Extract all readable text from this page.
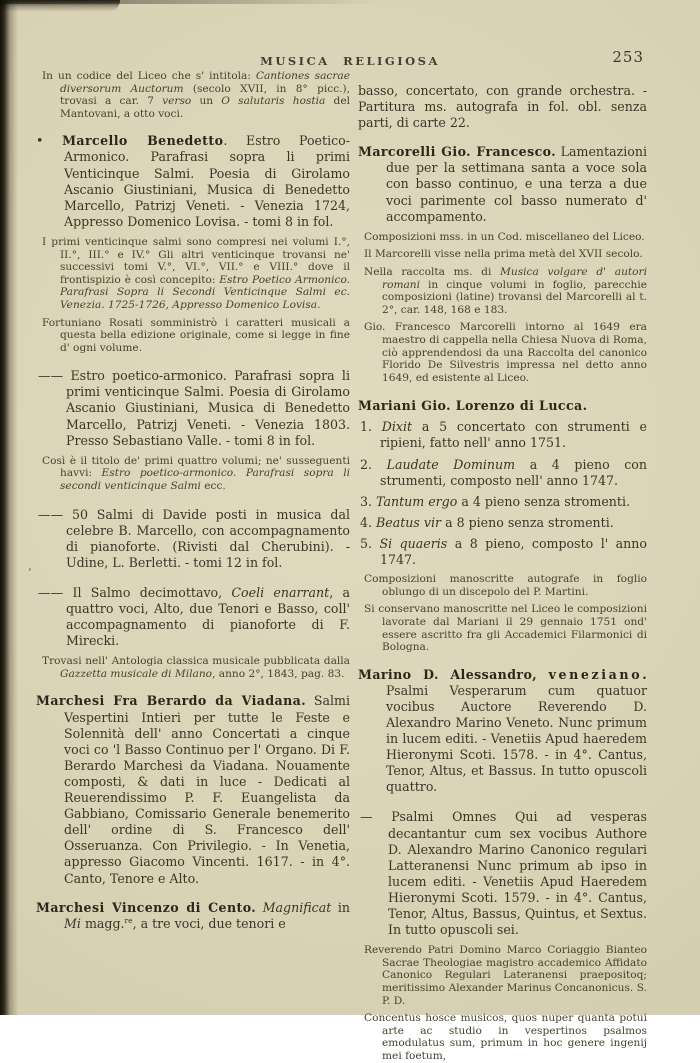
'
MUSICA RELIGIOSA	253
In un codice del Liceo che s' intitola: Cantiones sacrae diversorum Auctorum (secolo XVII, in 8° picc.), trovasi a car. 7 verso un O salutaris hostia del Mantovani, a otto voci.
• Marcello Benedetto. Estro Poetico-Armonico. Parafrasi sopra li primi Venticinque Salmi. Poesia di Girolamo Ascanio Giustiniani, Musica di Benedetto Marcello, Patrizj Veneti. - Venezia 1724, Appresso Domenico Lovisa. - tomi 8 in fol.
I primi venticinque salmi sono compresi nei volumi I.°, II.°, III.° e IV.° Gli altri venticinque trovansi ne' successivi tomi V.°, VI.°, VII.° e VIII.° dove il frontispizio è così concepito: Estro Poetico Armonico. Parafrasi Sopra li Secondi Venticinque Salmi ec. Venezia. 1725-1726, Appresso Domenico Lovisa.
Fortuniano Rosati somministrò i caratteri musicali a questa bella edizione originale, come si legge in fine d' ogni volume.
—— Estro poetico-armonico. Parafrasi sopra li primi venticinque Salmi. Poesia di Girolamo Ascanio Giustiniani, Musica di Benedetto Marcello, Patrizj Veneti. - Venezia 1803. Presso Sebastiano Valle. - tomi 8 in fol.
Così è il titolo de' primi quattro volumi; ne' susseguenti havvi: Estro poetico-armonico. Parafrasi sopra li secondi venticinque Salmi ecc.
—— 50 Salmi di Davide posti in musica dal celebre B. Marcello, con accompagnamento di pianoforte. (Rivisti dal Cherubini). - Udine, L. Berletti. - tomi 12 in fol.
—— Il Salmo decimottavo, Coeli enarrant, a quattro voci, Alto, due Tenori e Basso, coll' accompagnamento di pianoforte di F. Mirecki.
Trovasi nell' Antologia classica musicale pubblicata dalla Gazzetta musicale di Milano, anno 2°, 1843, pag. 83.
Marchesi Fra Berardo da Viadana. Salmi Vespertini Intieri per tutte le Feste e Solennità dell' anno Concertati a cinque voci co 'l Basso Continuo per l' Organo. Di F. Berardo Marchesi da Viadana. Nouamente composti, & dati in luce - Dedicati al Reuerendissimo P. F. Euangelista da Gabbiano, Comissario Generale benemerito dell' ordine di S. Francesco dell' Osseruanza. Con Privilegio. - In Venetia, appresso Giacomo Vincenti. 1617. - in 4°. Canto, Tenore e Alto.
Marchesi Vincenzo di Cento. Magnificat in Mi magg.$^{re}$, a tre voci, due tenori e
basso, concertato, con grande orchestra. - Partitura ms. autografa in fol. obl. senza parti, di carte 22.
Marcorelli Gio. Francesco. Lamentazioni due per la settimana santa a voce sola con basso continuo, e una terza a due voci parimente col basso numerato d' accompamento.
Composizioni mss. in un Cod. miscellaneo del Liceo.
Il Marcorelli visse nella prima metà del XVII secolo.
Nella raccolta ms. di Musica volgare d' autori romani in cinque volumi in foglio, parecchie composizioni (latine) trovansi del Marcorelli al t. 2°, car. 148, 168 e 183.
Gio. Francesco Marcorelli intorno al 1649 era maestro di cappella nella Chiesa Nuova di Roma, ciò apprendendosi da una Raccolta del canonico Florido De Silvestris impressa nel detto anno 1649, ed esistente al Liceo.
Mariani Gio. Lorenzo di Lucca.
1. Dixit a 5 concertato con strumenti e ripieni, fatto nell' anno 1751.
2. Laudate Dominum a 4 pieno con strumenti, composto nell' anno 1747.
3. Tantum ergo a 4 pieno senza stromenti.
4. Beatus vir a 8 pieno senza stromenti.
5. Si quaeris a 8 pieno, composto l' anno 1747.
Composizioni manoscritte autografe in foglio oblungo di un discepolo del P. Martini.
Si conservano manoscritte nel Liceo le composizioni lavorate dal Mariani il 29 gennaio 1751 ond' essere ascritto fra gli Accademici Filarmonici di Bologna.
Marino D. Alessandro, veneziano. Psalmi Vesperarum cum quatuor vocibus Auctore Reverendo D. Alexandro Marino Veneto. Nunc primum in lucem editi. - Venetiis Apud haeredem Hieronymi Scoti. 1578. - in 4°. Cantus, Tenor, Altus, et Bassus. In tutto opuscoli quattro.
— Psalmi Omnes Qui ad vesperas decantantur cum sex vocibus Authore D. Alexandro Marino Canonico regulari Latteranensi Nunc primum ab ipso in lucem editi. - Venetiis Apud Haeredem Hieronymi Scoti. 1579. - in 4°. Cantus, Tenor, Altus, Bassus, Quintus, et Sextus. In tutto opuscoli sei.
Reverendo Patri Domino Marco Coriaggio Bianteo Sacrae Theologiae magistro accademico Affidato Canonico Regulari Lateranensi praepositoq; meritissimo Alexander Marinus Concanonicus. S. P. D.
Concentus hosce musicos, quos nuper quanta potui arte ac studio in vespertinos psalmos emodulatus sum, primum in hoc genere ingenij mei foetum,
